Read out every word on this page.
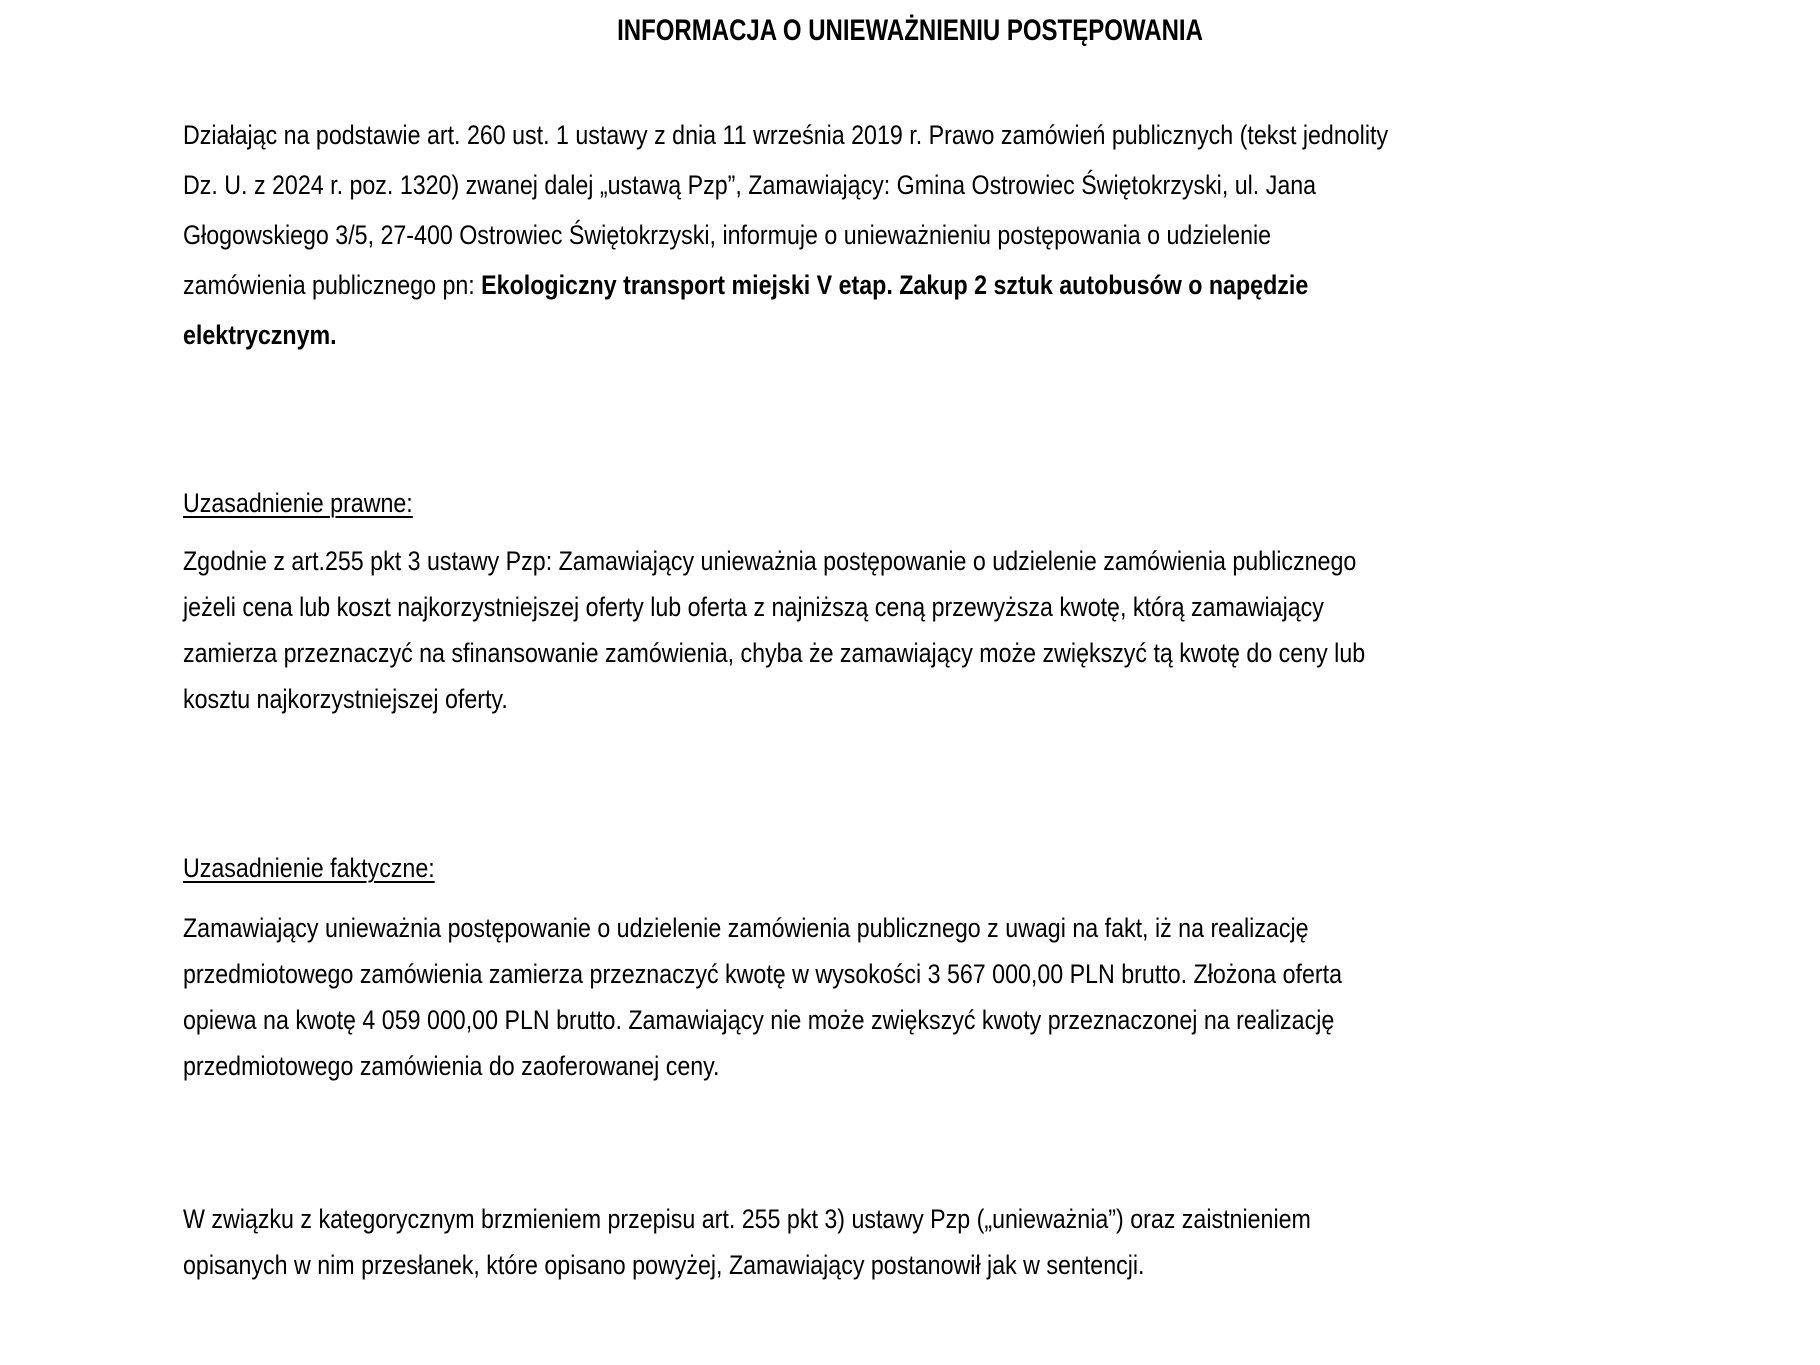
INFORMACJA O UNIEWAŻNIENIU POSTĘPOWANIA

Działając na podstawie art. 260 ust. 1 ustawy z dnia 11 września 2019 r. Prawo zamówień publicznych (tekst jednolity Dz. U. z 2024 r. poz. 1320) zwanej dalej „ustawą Pzp”, Zamawiający: Gmina Ostrowiec Świętokrzyski, ul. Jana Głogowskiego 3/5, 27-400 Ostrowiec Świętokrzyski, informuje o unieważnieniu postępowania o udzielenie zamówienia publicznego pn: Ekologiczny transport miejski V etap. Zakup 2 sztuk autobusów o napędzie elektrycznym.

Uzasadnienie prawne:

Zgodnie z art.255 pkt 3 ustawy Pzp: Zamawiający unieważnia postępowanie o udzielenie zamówienia publicznego jeżeli cena lub koszt najkorzystniejszej oferty lub oferta z najniższą ceną przewyższa kwotę, którą zamawiający zamierza przeznaczyć na sfinansowanie zamówienia, chyba że zamawiający może zwiększyć tą kwotę do ceny lub kosztu najkorzystniejszej oferty.

Uzasadnienie faktyczne:

Zamawiający unieważnia postępowanie o udzielenie zamówienia publicznego z uwagi na fakt, iż na realizację przedmiotowego zamówienia zamierza przeznaczyć kwotę w wysokości 3 567 000,00 PLN brutto. Złożona oferta opiewa na kwotę 4 059 000,00 PLN brutto. Zamawiający nie może zwiększyć kwoty przeznaczonej na realizację przedmiotowego zamówienia do zaoferowanej ceny.

W związku z kategorycznym brzmieniem przepisu art. 255 pkt 3) ustawy Pzp („unieważnia”) oraz zaistnieniem opisanych w nim przesłanek, które opisano powyżej, Zamawiający postanowił jak w sentencji.
